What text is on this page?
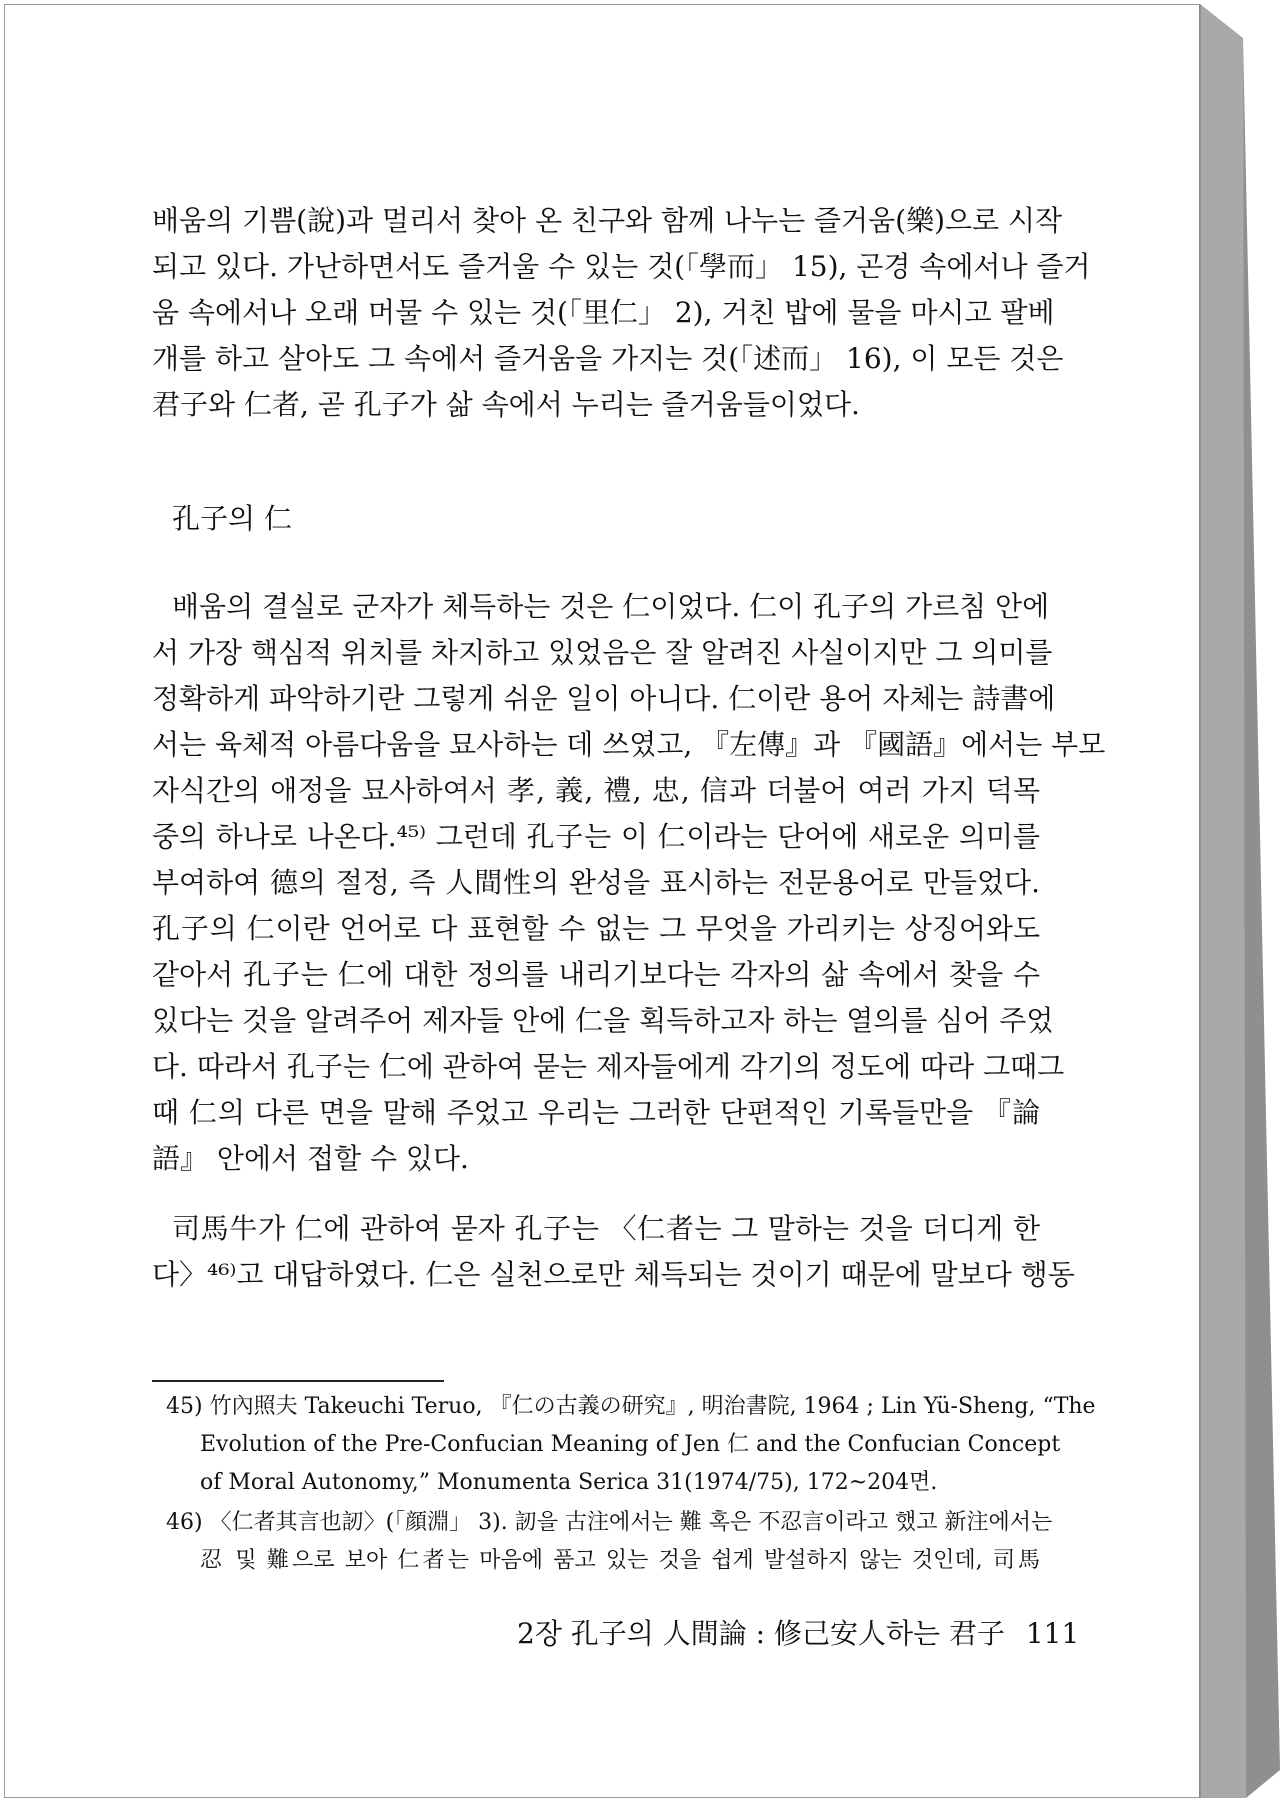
배움의 기쁨(說)과 멀리서 찾아 온 친구와 함께 나누는 즐거움(樂)으로 시작
되고 있다. 가난하면서도 즐거울 수 있는 것(「學而」 15), 곤경 속에서나 즐거
움 속에서나 오래 머물 수 있는 것(「里仁」 2), 거친 밥에 물을 마시고 팔베
개를 하고 살아도 그 속에서 즐거움을 가지는 것(「述而」 16), 이 모든 것은
君子와 仁者, 곧 孔子가 삶 속에서 누리는 즐거움들이었다.
孔子의 仁
배움의 결실로 군자가 체득하는 것은 仁이었다. 仁이 孔子의 가르침 안에
서 가장 핵심적 위치를 차지하고 있었음은 잘 알려진 사실이지만 그 의미를
정확하게 파악하기란 그렇게 쉬운 일이 아니다. 仁이란 용어 자체는 詩書에
서는 육체적 아름다움을 묘사하는 데 쓰였고, 『左傳』과 『國語』에서는 부모
자식간의 애정을 묘사하여서 孝, 義, 禮, 忠, 信과 더불어 여러 가지 덕목
중의 하나로 나온다.⁴⁵⁾ 그런데 孔子는 이 仁이라는 단어에 새로운 의미를
부여하여 德의 절정, 즉 人間性의 완성을 표시하는 전문용어로 만들었다.
孔子의 仁이란 언어로 다 표현할 수 없는 그 무엇을 가리키는 상징어와도
같아서 孔子는 仁에 대한 정의를 내리기보다는 각자의 삶 속에서 찾을 수
있다는 것을 알려주어 제자들 안에 仁을 획득하고자 하는 열의를 심어 주었
다. 따라서 孔子는 仁에 관하여 묻는 제자들에게 각기의 정도에 따라 그때그
때 仁의 다른 면을 말해 주었고 우리는 그러한 단편적인 기록들만을 『論
語』 안에서 접할 수 있다.
司馬牛가 仁에 관하여 묻자 孔子는 〈仁者는 그 말하는 것을 더디게 한
다〉⁴⁶⁾고 대답하였다. 仁은 실천으로만 체득되는 것이기 때문에 말보다 행동
45) 竹內照夫 Takeuchi Teruo, 『仁の古義の研究』, 明治書院, 1964 ; Lin Yü-Sheng, “The
Evolution of the Pre-Confucian Meaning of Jen 仁 and the Confucian Concept
of Moral Autonomy,” Monumenta Serica 31(1974/75), 172~204면.
46) 〈仁者其言也訒〉(「顔淵」 3). 訒을 古注에서는 難 혹은 不忍言이라고 했고 新注에서는
忍 및 難으로 보아 仁者는 마음에 품고 있는 것을 쉽게 발설하지 않는 것인데, 司馬
2장 孔子의 人間論 : 修己安人하는 君子 111
